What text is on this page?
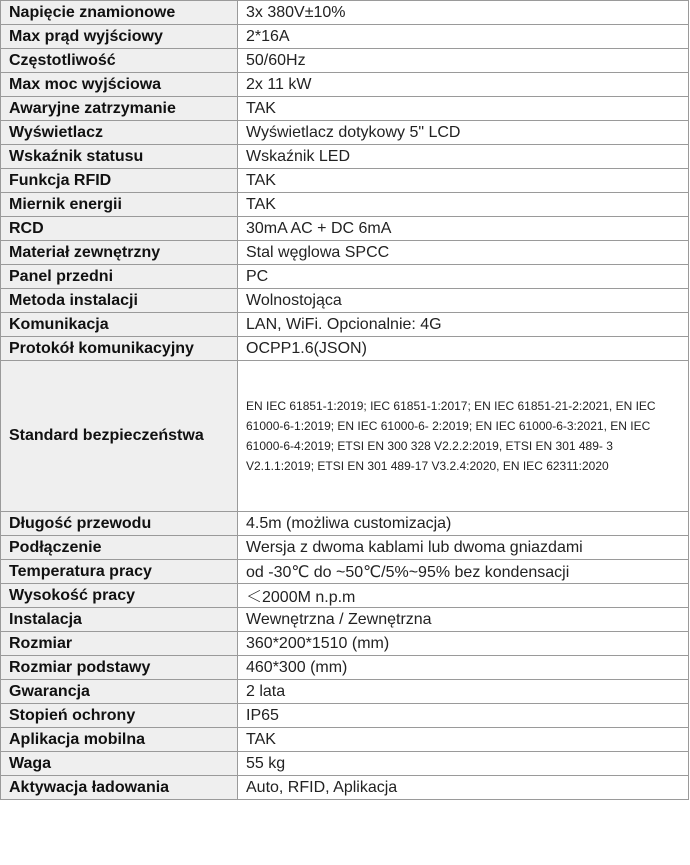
Napięcie znamionowe	3x 380V±10%
Max prąd wyjściowy	2*16A
Częstotliwość	50/60Hz
Max moc wyjściowa	2x 11 kW
Awaryjne zatrzymanie	TAK
Wyświetlacz	Wyświetlacz dotykowy 5" LCD
Wskaźnik statusu	Wskaźnik LED
Funkcja RFID	TAK
Miernik energii	TAK
RCD	30mA AC + DC 6mA
Materiał zewnętrzny	Stal węglowa SPCC
Panel przedni	PC
Metoda instalacji	Wolnostojąca
Komunikacja	LAN, WiFi. Opcionalnie: 4G
Protokół komunikacyjny	OCPP1.6(JSON)
Standard bezpieczeństwa	EN IEC 61851-1:2019; IEC 61851-1:2017; EN IEC 61851-21-2:2021, EN IEC 61000-6-1:2019; EN IEC 61000-6- 2:2019; EN IEC 61000-6-3:2021, EN IEC 61000-6-4:2019; ETSI EN 300 328 V2.2.2:2019, ETSI EN 301 489- 3 V2.1.1:2019; ETSI EN 301 489-17 V3.2.4:2020, EN IEC 62311:2020
Długość przewodu	4.5m (możliwa customizacja)
Podłączenie	Wersja z dwoma kablami lub dwoma gniazdami
Temperatura pracy	od -30℃ do ~50℃/5%~95% bez kondensacji
Wysokość pracy	＜2000M n.p.m
Instalacja	Wewnętrzna / Zewnętrzna
Rozmiar	360*200*1510 (mm)
Rozmiar podstawy	460*300 (mm)
Gwarancja	2 lata
Stopień ochrony	IP65
Aplikacja mobilna	TAK
Waga	55 kg
Aktywacja ładowania	Auto, RFID, Aplikacja
